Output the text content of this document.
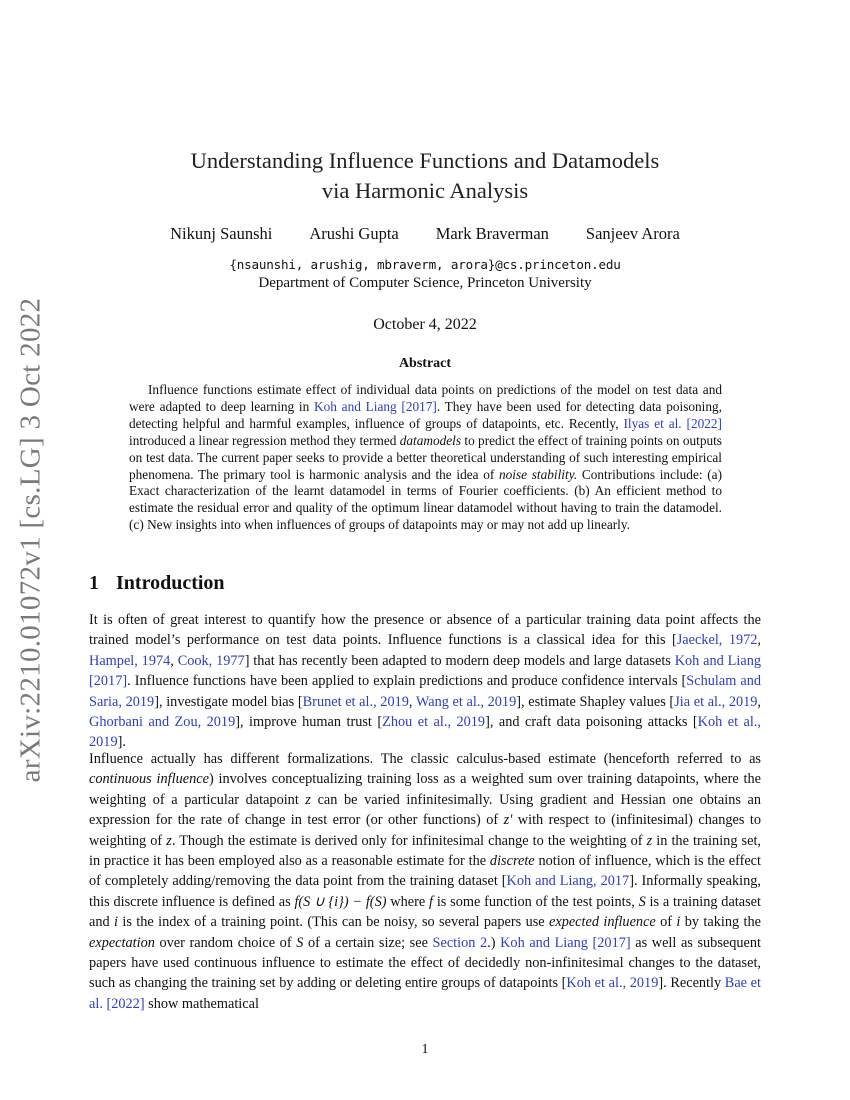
arXiv:2210.01072v1 [cs.LG] 3 Oct 2022
Understanding Influence Functions and Datamodels
via Harmonic Analysis
Nikunj Saunshi Arushi Gupta Mark Braverman Sanjeev Arora
{nsaunshi, arushig, mbraverm, arora}@cs.princeton.edu
Department of Computer Science, Princeton University
October 4, 2022
Abstract

Influence functions estimate effect of individual data points on predictions of the model on test data and were adapted to deep learning in Koh and Liang [2017]. They have been used for detecting data poisoning, detecting helpful and harmful examples, influence of groups of datapoints, etc. Recently, Ilyas et al. [2022] introduced a linear regression method they termed datamodels to predict the effect of training points on outputs on test data. The current paper seeks to provide a better theoretical understanding of such interesting empirical phenomena. The primary tool is harmonic analysis and the idea of noise stability. Contributions include: (a) Exact characterization of the learnt datamodel in terms of Fourier coefficients. (b) An efficient method to estimate the residual error and quality of the optimum linear datamodel without having to train the datamodel. (c) New insights into when influences of groups of datapoints may or may not add up linearly.

1 Introduction

It is often of great interest to quantify how the presence or absence of a particular training data point affects the trained model’s performance on test data points. Influence functions is a classical idea for this [Jaeckel, 1972, Hampel, 1974, Cook, 1977] that has recently been adapted to modern deep models and large datasets Koh and Liang [2017]. Influence functions have been applied to explain predictions and produce confidence intervals [Schulam and Saria, 2019], investigate model bias [Brunet et al., 2019, Wang et al., 2019], estimate Shapley values [Jia et al., 2019, Ghorbani and Zou, 2019], improve human trust [Zhou et al., 2019], and craft data poisoning attacks [Koh et al., 2019].

Influence actually has different formalizations. The classic calculus-based estimate (henceforth referred to as continuous influence) involves conceptualizing training loss as a weighted sum over training datapoints, where the weighting of a particular datapoint z can be varied infinitesimally. Using gradient and Hessian one obtains an expression for the rate of change in test error (or other functions) of z′ with respect to (infinitesimal) changes to weighting of z. Though the estimate is derived only for infinitesimal change to the weighting of z in the training set, in practice it has been employed also as a reasonable estimate for the discrete notion of influence, which is the effect of completely adding/removing the data point from the training dataset [Koh and Liang, 2017]. Informally speaking, this discrete influence is defined as f(S ∪ {i}) − f(S) where f is some function of the test points, S is a training dataset and i is the index of a training point. (This can be noisy, so several papers use expected influence of i by taking the expectation over random choice of S of a certain size; see Section 2.) Koh and Liang [2017] as well as subsequent papers have used continuous influence to estimate the effect of decidedly non-infinitesimal changes to the dataset, such as changing the training set by adding or deleting entire groups of datapoints [Koh et al., 2019]. Recently Bae et al. [2022] show mathematical

1
